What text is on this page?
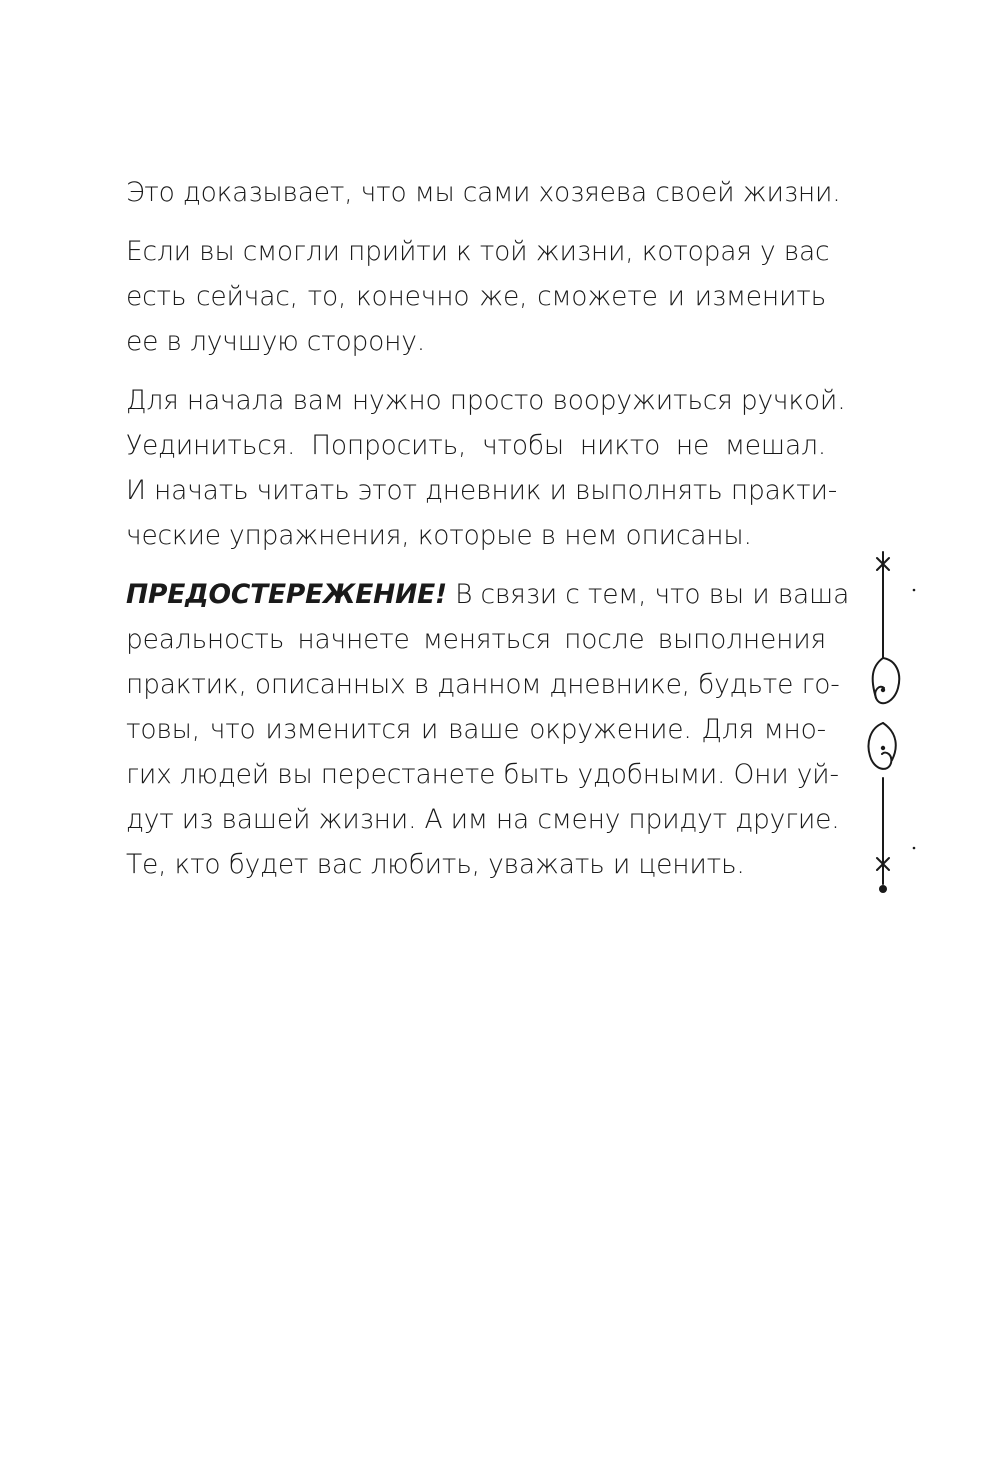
Это доказывает, что мы сами хозяева своей жизни.

Если вы смогли прийти к той жизни, которая у вас
есть сейчас, то, конечно же, сможете и изменить
ее в лучшую сторону.

Для начала вам нужно просто вооружиться ручкой.
Уединиться. Попросить, чтобы никто не мешал.
И начать читать этот дневник и выполнять практи-
ческие упражнения, которые в нем описаны.

ПРЕДОСТЕРЕЖЕНИЕ! В связи с тем, что вы и ваша
реальность начнете меняться после выполнения
практик, описанных в данном дневнике, будьте го-
товы, что изменится и ваше окружение. Для мно-
гих людей вы перестанете быть удобными. Они уй-
дут из вашей жизни. А им на смену придут другие.
Те, кто будет вас любить, уважать и ценить.
